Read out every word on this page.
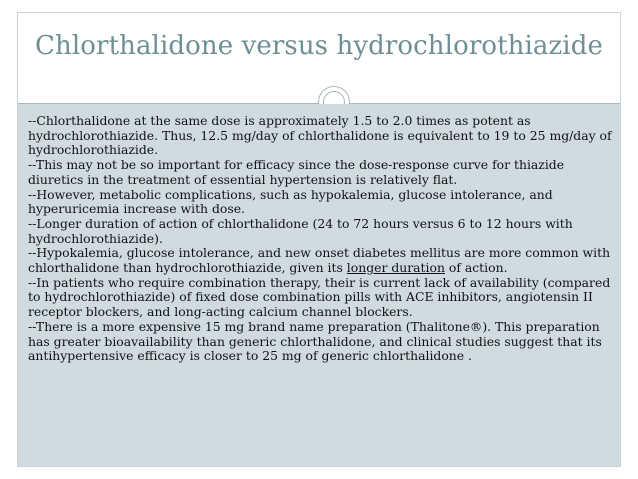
Chlorthalidone versus hydrochlorothiazide

--Chlorthalidone at the same dose is approximately 1.5 to 2.0 times as potent as hydrochlorothiazide. Thus, 12.5 mg/day of chlorthalidone is equivalent to 19 to 25 mg/day of hydrochlorothiazide.

--This may not be so important for efficacy since the dose-response curve for thiazide diuretics in the treatment of essential hypertension is relatively flat.

--However, metabolic complications, such as hypokalemia, glucose intolerance, and hyperuricemia increase with dose.

--Longer duration of action of chlorthalidone (24 to 72 hours versus 6 to 12 hours with hydrochlorothiazide).

--Hypokalemia, glucose intolerance, and new onset diabetes mellitus are more common with chlorthalidone than hydrochlorothiazide, given its longer duration of action.

--In patients who require combination therapy, their is current lack of availability (compared to hydrochlorothiazide) of fixed dose combination pills with ACE inhibitors, angiotensin II receptor blockers, and long-acting calcium channel blockers.

--There is a more expensive 15 mg brand name preparation (Thalitone®). This preparation has greater bioavailability than generic chlorthalidone, and clinical studies suggest that its antihypertensive efficacy is closer to 25 mg of generic chlorthalidone .
